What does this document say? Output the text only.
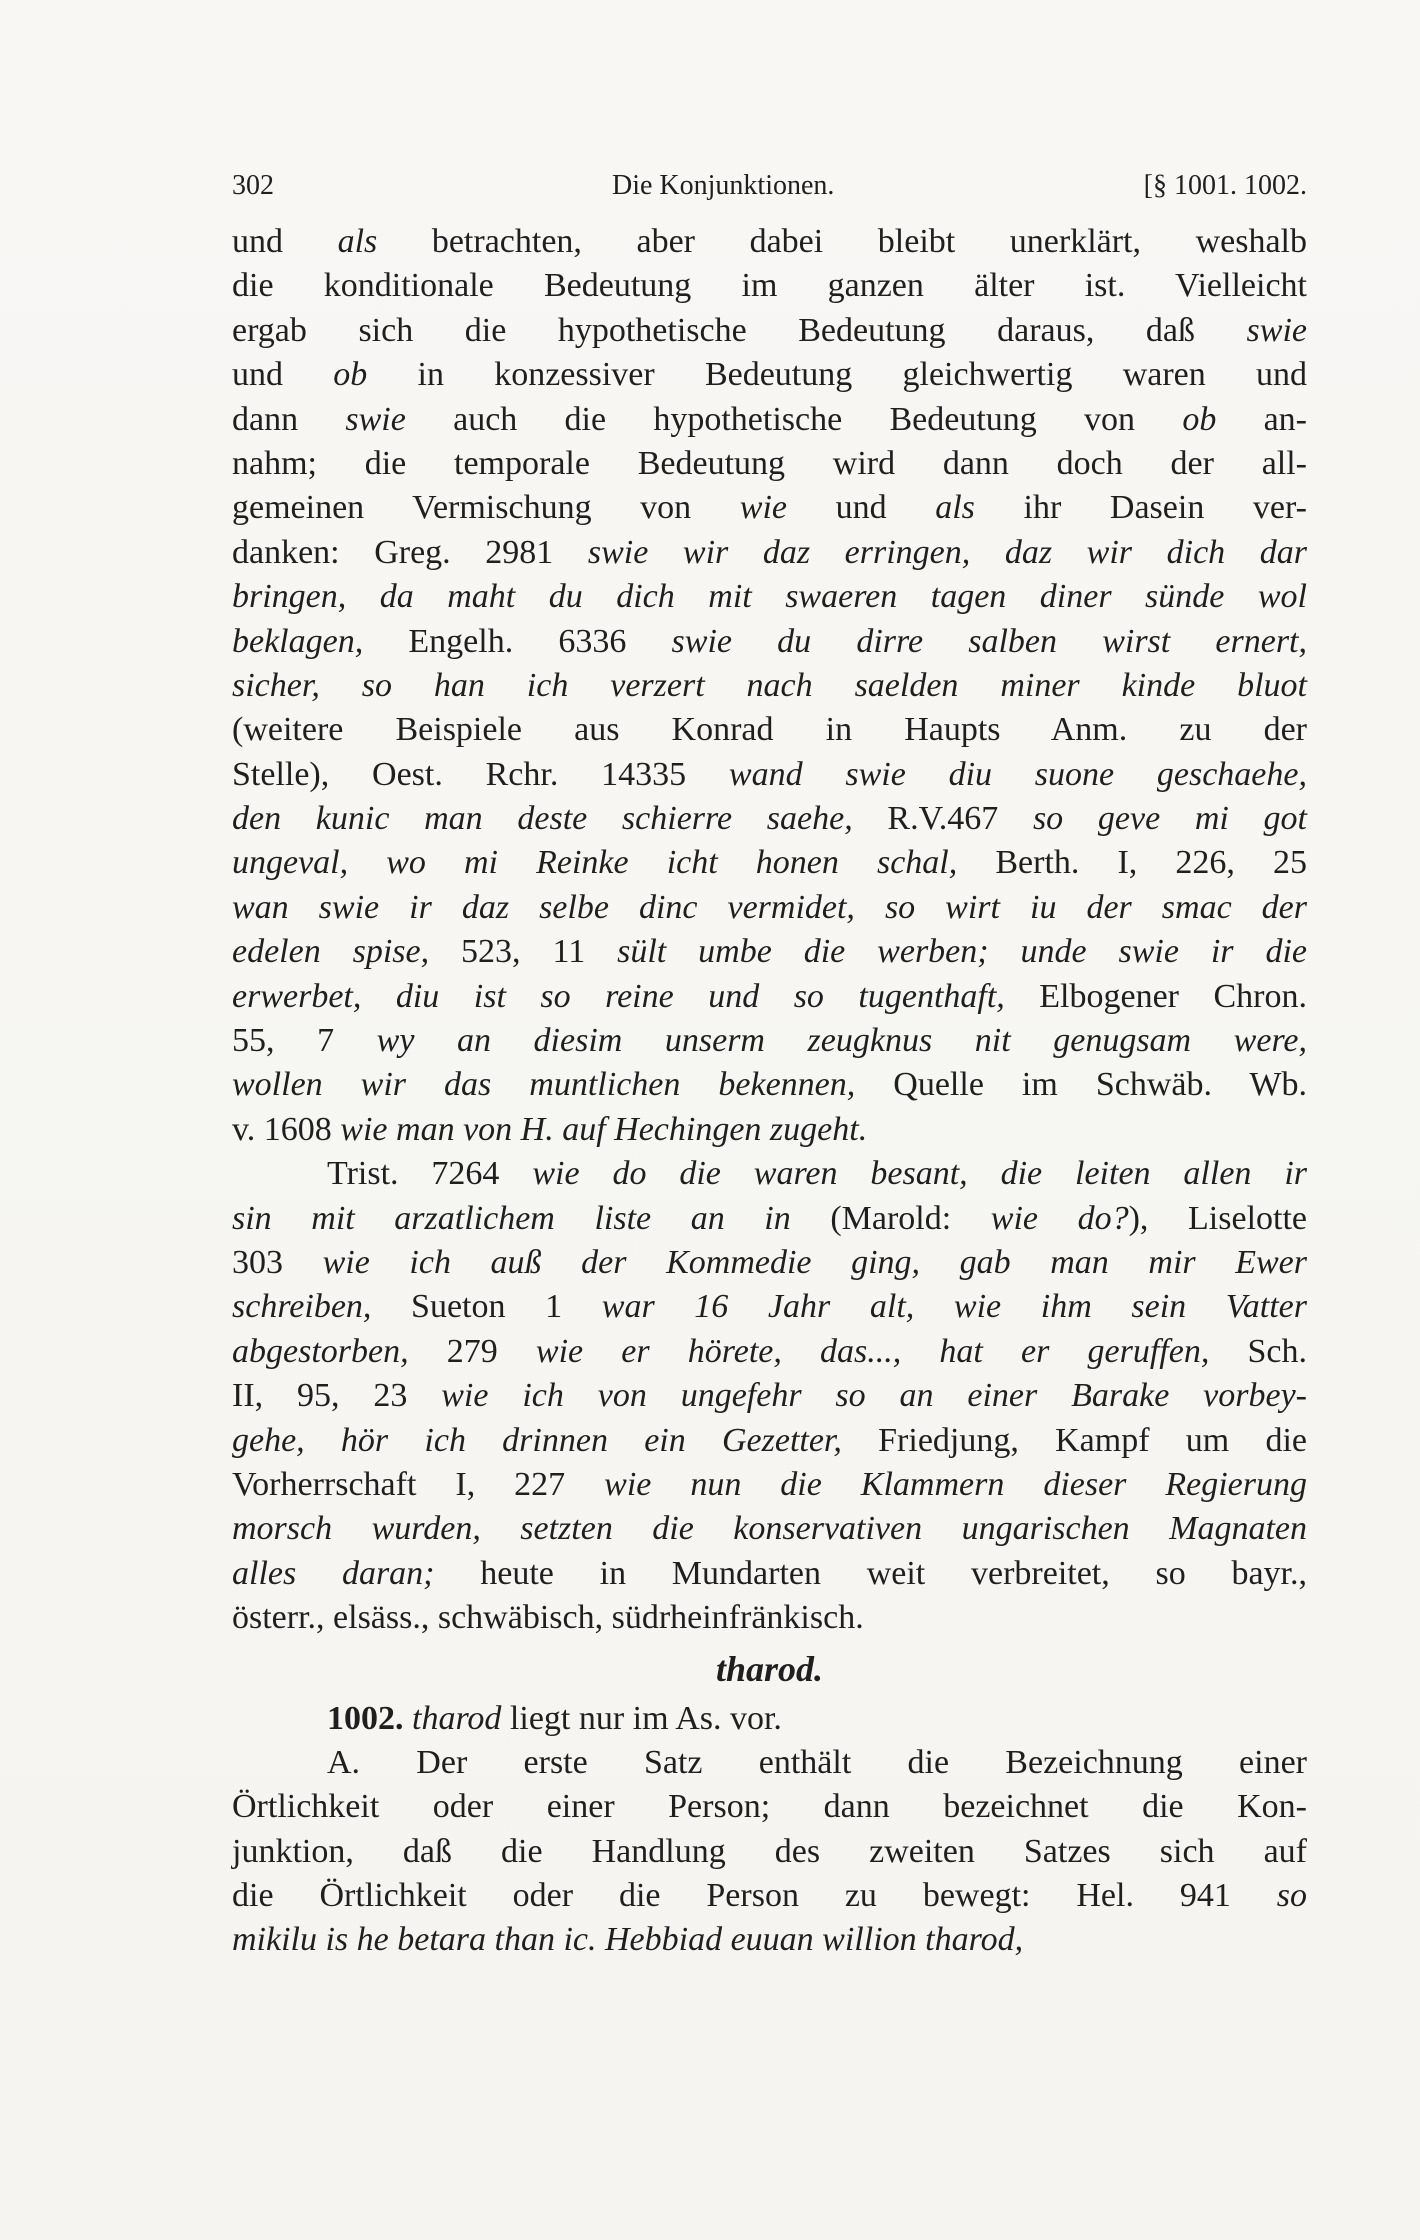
302	Die Konjunktionen.	[§ 1001. 1002.
und als betrachten, aber dabei bleibt unerklärt, weshalb
die konditionale Bedeutung im ganzen älter ist. Vielleicht
ergab sich die hypothetische Bedeutung daraus, daß swie
und ob in konzessiver Bedeutung gleichwertig waren und
dann swie auch die hypothetische Bedeutung von ob an-
nahm; die temporale Bedeutung wird dann doch der all-
gemeinen Vermischung von wie und als ihr Dasein ver-
danken: Greg. 2981 swie wir daz erringen, daz wir dich dar
bringen, da maht du dich mit swaeren tagen diner sünde wol
beklagen, Engelh. 6336 swie du dirre salben wirst ernert,
sicher, so han ich verzert nach saelden miner kinde bluot
(weitere Beispiele aus Konrad in Haupts Anm. zu der
Stelle), Oest. Rchr. 14335 wand swie diu suone geschaehe,
den kunic man deste schierre saehe, R.V.467 so geve mi got
ungeval, wo mi Reinke icht honen schal, Berth. I, 226, 25
wan swie ir daz selbe dinc vermidet, so wirt iu der smac der
edelen spise, 523, 11 sült umbe die werben; unde swie ir die
erwerbet, diu ist so reine und so tugenthaft, Elbogener Chron.
55, 7 wy an diesim unserm zeugknus nit genugsam were,
wollen wir das muntlichen bekennen, Quelle im Schwäb. Wb.
v. 1608 wie man von H. auf Hechingen zugeht.
Trist. 7264 wie do die waren besant, die leiten allen ir
sin mit arzatlichem liste an in (Marold: wie do?), Liselotte
303 wie ich auß der Kommedie ging, gab man mir Ewer
schreiben, Sueton 1 war 16 Jahr alt, wie ihm sein Vatter
abgestorben, 279 wie er hörete, das..., hat er geruffen, Sch.
II, 95, 23 wie ich von ungefehr so an einer Barake vorbey-
gehe, hör ich drinnen ein Gezetter, Friedjung, Kampf um die
Vorherrschaft I, 227 wie nun die Klammern dieser Regierung
morsch wurden, setzten die konservativen ungarischen Magnaten
alles daran; heute in Mundarten weit verbreitet, so bayr.,
österr., elsäss., schwäbisch, südrheinfränkisch.
tharod.
1002. tharod liegt nur im As. vor.
A. Der erste Satz enthält die Bezeichnung einer
Örtlichkeit oder einer Person; dann bezeichnet die Kon-
junktion, daß die Handlung des zweiten Satzes sich auf
die Örtlichkeit oder die Person zu bewegt: Hel. 941 so
mikilu is he betara than ic. Hebbiad euuan willion tharod,
